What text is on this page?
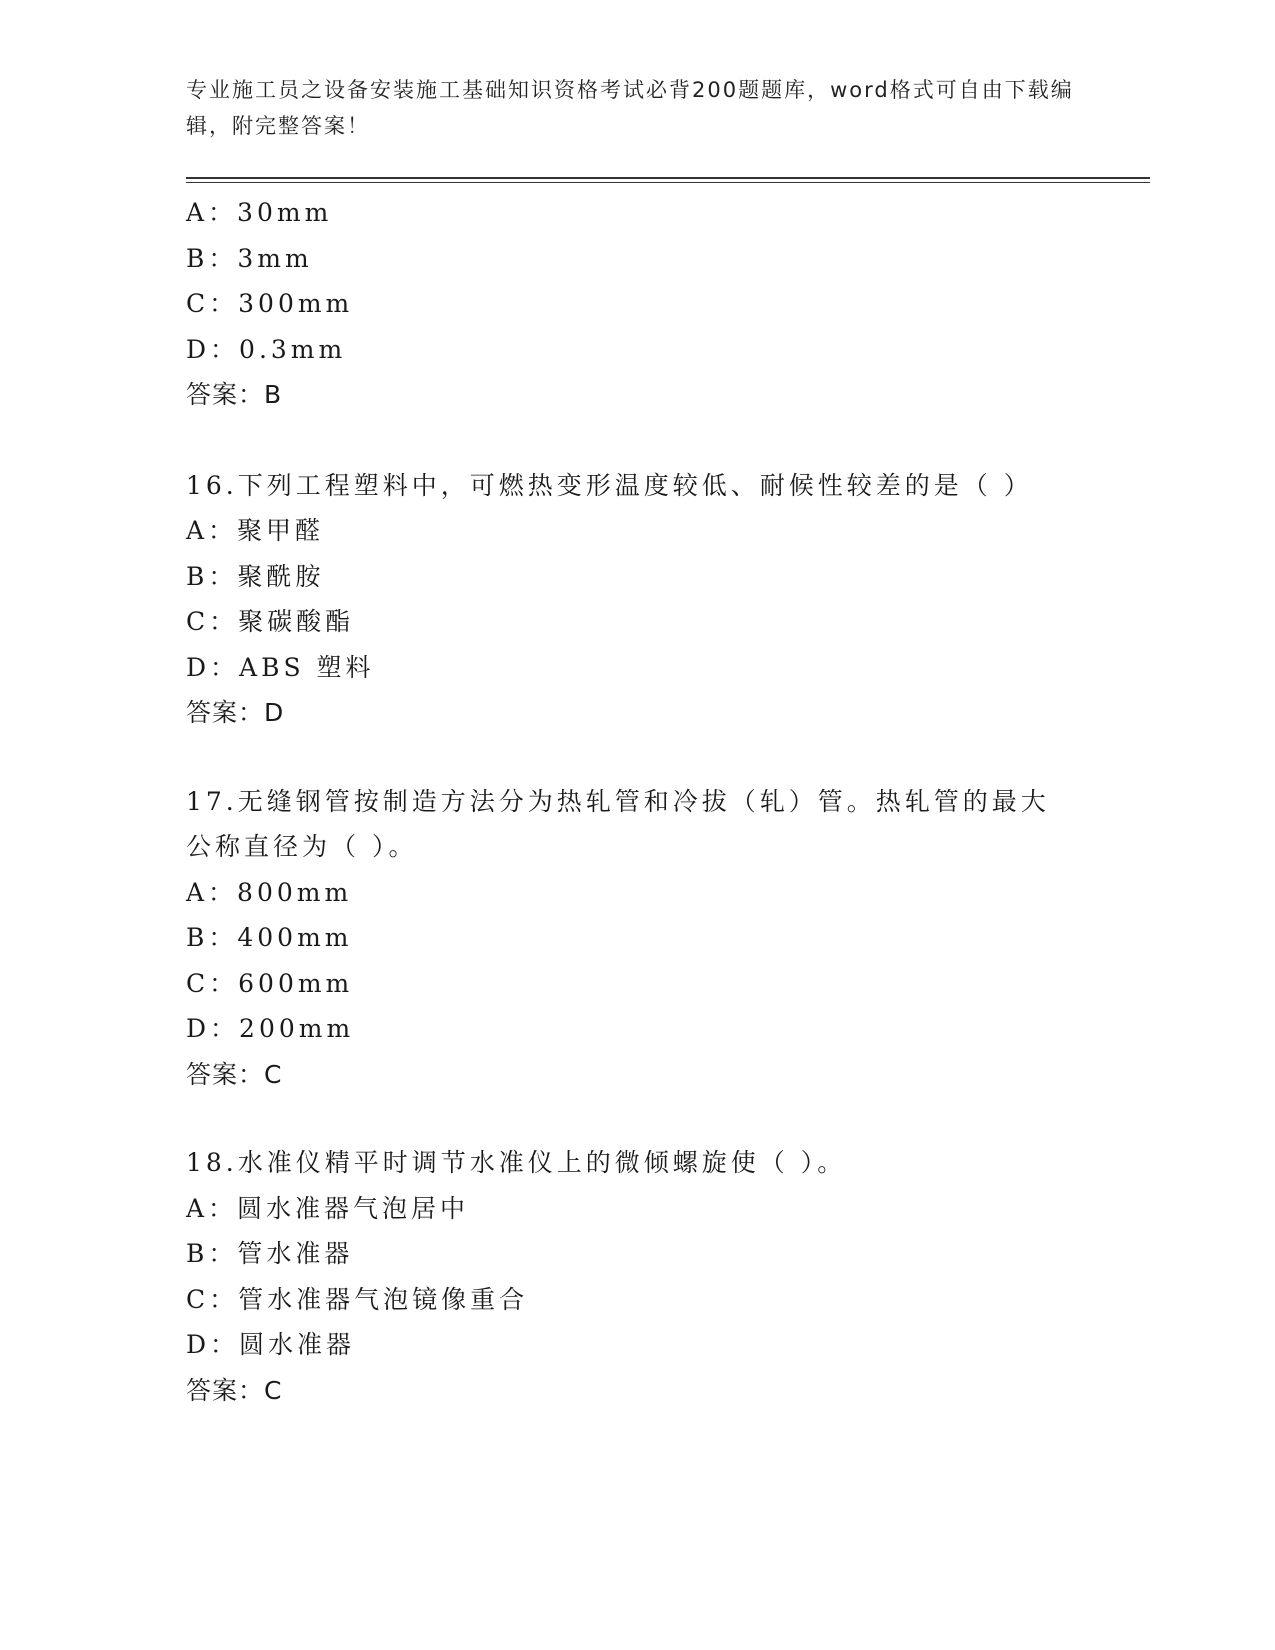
专业施工员之设备安装施工基础知识资格考试必背200题题库，word格式可自由下载编辑，附完整答案！
A：30mm
B：3mm
C：300mm
D：0.3mm
答案：B
16.下列工程塑料中，可燃热变形温度较低、耐候性较差的是（ ）
A：聚甲醛
B：聚酰胺
C：聚碳酸酯
D：ABS 塑料
答案：D
17.无缝钢管按制造方法分为热轧管和冷拔（轧）管。热轧管的最大公称直径为（ ）。
A：800mm
B：400mm
C：600mm
D：200mm
答案：C
18.水准仪精平时调节水准仪上的微倾螺旋使（ ）。
A：圆水准器气泡居中
B：管水准器
C：管水准器气泡镜像重合
D：圆水准器
答案：C
